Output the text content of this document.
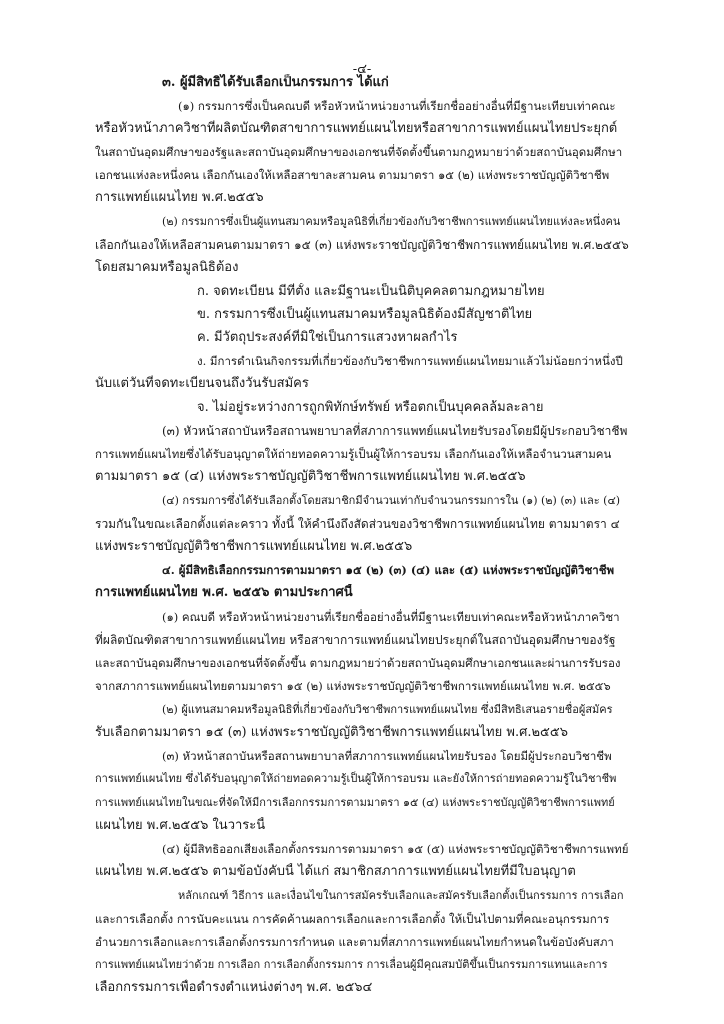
-๔-
๓. ผู้มีสิทธิได้รับเลือกเป็นกรรมการ ได้แก่
(๑) กรรมการซึ่งเป็นคณบดี หรือหัวหน้าหน่วยงานที่เรียกชื่ออย่างอื่นที่มีฐานะเทียบเท่าคณะ
หรือหัวหน้าภาควิชาที่ผลิตบัณฑิตสาขาการแพทย์แผนไทยหรือสาขาการแพทย์แผนไทยประยุกต์
ในสถาบันอุดมศึกษาของรัฐและสถาบันอุดมศึกษาของเอกชนที่จัดตั้งขึ้นตามกฎหมายว่าด้วยสถาบันอุดมศึกษา
เอกชนแห่งละหนึ่งคน เลือกกันเองให้เหลือสาขาละสามคน ตามมาตรา ๑๕ (๒) แห่งพระราชบัญญัติวิชาชีพ
การแพทย์แผนไทย พ.ศ.๒๕๕๖
(๒) กรรมการซึ่งเป็นผู้แทนสมาคมหรือมูลนิธิที่เกี่ยวข้องกับวิชาชีพการแพทย์แผนไทยแห่งละหนึ่งคน
เลือกกันเองให้เหลือสามคนตามมาตรา ๑๕ (๓) แห่งพระราชบัญญัติวิชาชีพการแพทย์แผนไทย พ.ศ.๒๕๕๖
โดยสมาคมหรือมูลนิธิต้อง
ก. จดทะเบียน มีที่ตั้ง และมีฐานะเป็นนิติบุคคลตามกฎหมายไทย
ข. กรรมการซึ่งเป็นผู้แทนสมาคมหรือมูลนิธิต้องมีสัญชาติไทย
ค. มีวัตถุประสงค์ที่มิใช่เป็นการแสวงหาผลกำไร
ง. มีการดำเนินกิจกรรมที่เกี่ยวข้องกับวิชาชีพการแพทย์แผนไทยมาแล้วไม่น้อยกว่าหนึ่งปี
นับแต่วันที่จดทะเบียนจนถึงวันรับสมัคร
จ. ไม่อยู่ระหว่างการถูกพิทักษ์ทรัพย์ หรือตกเป็นบุคคลล้มละลาย
(๓) หัวหน้าสถาบันหรือสถานพยาบาลที่สภาการแพทย์แผนไทยรับรองโดยมีผู้ประกอบวิชาชีพ
การแพทย์แผนไทยซึ่งได้รับอนุญาตให้ถ่ายทอดความรู้เป็นผู้ให้การอบรม เลือกกันเองให้เหลือจำนวนสามคน
ตามมาตรา ๑๕ (๔) แห่งพระราชบัญญัติวิชาชีพการแพทย์แผนไทย พ.ศ.๒๕๕๖
(๔) กรรมการซึ่งได้รับเลือกตั้งโดยสมาชิกมีจำนวนเท่ากับจำนวนกรรมการใน (๑) (๒) (๓) และ (๔)
รวมกันในขณะเลือกตั้งแต่ละคราว ทั้งนี้ ให้คำนึงถึงสัดส่วนของวิชาชีพการแพทย์แผนไทย ตามมาตรา ๔
แห่งพระราชบัญญัติวิชาชีพการแพทย์แผนไทย พ.ศ.๒๕๕๖
๔. ผู้มีสิทธิเลือกกรรมการตามมาตรา ๑๕ (๒) (๓) (๔) และ (๕) แห่งพระราชบัญญัติวิชาชีพ
การแพทย์แผนไทย พ.ศ. ๒๕๕๖ ตามประกาศนี้
(๑) คณบดี หรือหัวหน้าหน่วยงานที่เรียกชื่ออย่างอื่นที่มีฐานะเทียบเท่าคณะหรือหัวหน้าภาควิชา
ที่ผลิตบัณฑิตสาขาการแพทย์แผนไทย หรือสาขาการแพทย์แผนไทยประยุกต์ในสถาบันอุดมศึกษาของรัฐ
และสถาบันอุดมศึกษาของเอกชนที่จัดตั้งขึ้น ตามกฎหมายว่าด้วยสถาบันอุดมศึกษาเอกชนและผ่านการรับรอง
จากสภาการแพทย์แผนไทยตามมาตรา ๑๕ (๒) แห่งพระราชบัญญัติวิชาชีพการแพทย์แผนไทย พ.ศ. ๒๕๕๖
(๒) ผู้แทนสมาคมหรือมูลนิธิที่เกี่ยวข้องกับวิชาชีพการแพทย์แผนไทย ซึ่งมีสิทธิเสนอรายชื่อผู้สมัคร
รับเลือกตามมาตรา ๑๕ (๓) แห่งพระราชบัญญัติวิชาชีพการแพทย์แผนไทย พ.ศ.๒๕๕๖
(๓) หัวหน้าสถาบันหรือสถานพยาบาลที่สภาการแพทย์แผนไทยรับรอง โดยมีผู้ประกอบวิชาชีพ
การแพทย์แผนไทย ซึ่งได้รับอนุญาตให้ถ่ายทอดความรู้เป็นผู้ให้การอบรม และยังให้การถ่ายทอดความรู้ในวิชาชีพ
การแพทย์แผนไทยในขณะที่จัดให้มีการเลือกกรรมการตามมาตรา ๑๕ (๔) แห่งพระราชบัญญัติวิชาชีพการแพทย์
แผนไทย พ.ศ.๒๕๕๖ ในวาระนี้
(๔) ผู้มีสิทธิออกเสียงเลือกตั้งกรรมการตามมาตรา ๑๕ (๕) แห่งพระราชบัญญัติวิชาชีพการแพทย์
แผนไทย พ.ศ.๒๕๕๖ ตามข้อบังคับนี้ ได้แก่ สมาชิกสภาการแพทย์แผนไทยที่มีใบอนุญาต
หลักเกณฑ์ วิธีการ และเงื่อนไขในการสมัครรับเลือกและสมัครรับเลือกตั้งเป็นกรรมการ การเลือก
และการเลือกตั้ง การนับคะแนน การคัดค้านผลการเลือกและการเลือกตั้ง ให้เป็นไปตามที่คณะอนุกรรมการ
อำนวยการเลือกและการเลือกตั้งกรรมการกำหนด และตามที่สภาการแพทย์แผนไทยกำหนดในข้อบังคับสภา
การแพทย์แผนไทยว่าด้วย การเลือก การเลือกตั้งกรรมการ การเลื่อนผู้มีคุณสมบัติขึ้นเป็นกรรมการแทนและการ
เลือกกรรมการเพื่อดำรงตำแหน่งต่างๆ พ.ศ. ๒๕๖๔
